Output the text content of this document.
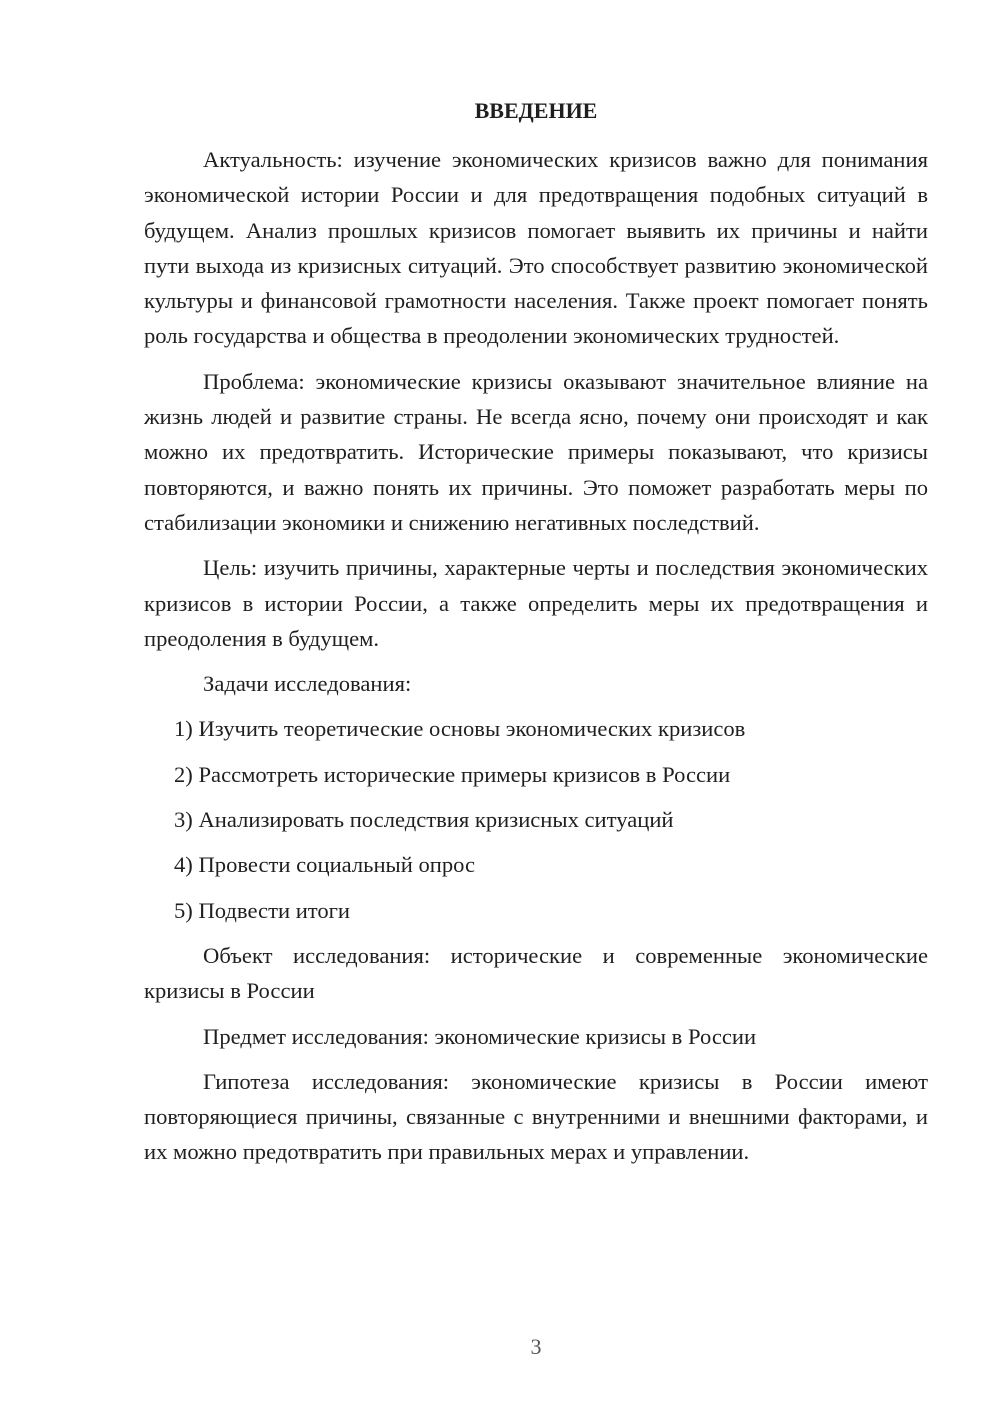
ВВЕДЕНИЕ

Актуальность: изучение экономических кризисов важно для понимания экономической истории России и для предотвращения подобных ситуаций в будущем. Анализ прошлых кризисов помогает выявить их причины и найти пути выхода из кризисных ситуаций. Это способствует развитию экономической культуры и финансовой грамотности населения. Также проект помогает понять роль государства и общества в преодолении экономических трудностей.

Проблема: экономические кризисы оказывают значительное влияние на жизнь людей и развитие страны. Не всегда ясно, почему они происходят и как можно их предотвратить. Исторические примеры показывают, что кризисы повторяются, и важно понять их причины. Это поможет разработать меры по стабилизации экономики и снижению негативных последствий.

Цель: изучить причины, характерные черты и последствия экономических кризисов в истории России, а также определить меры их предотвращения и преодоления в будущем.

Задачи исследования:

1) Изучить теоретические основы экономических кризисов
2) Рассмотреть исторические примеры кризисов в России
3) Анализировать последствия кризисных ситуаций
4) Провести социальный опрос
5) Подвести итоги

Объект исследования: исторические и современные экономические кризисы в России

Предмет исследования: экономические кризисы в России

Гипотеза исследования: экономические кризисы в России имеют повторяющиеся причины, связанные с внутренними и внешними факторами, и их можно предотвратить при правильных мерах и управлении.

3
